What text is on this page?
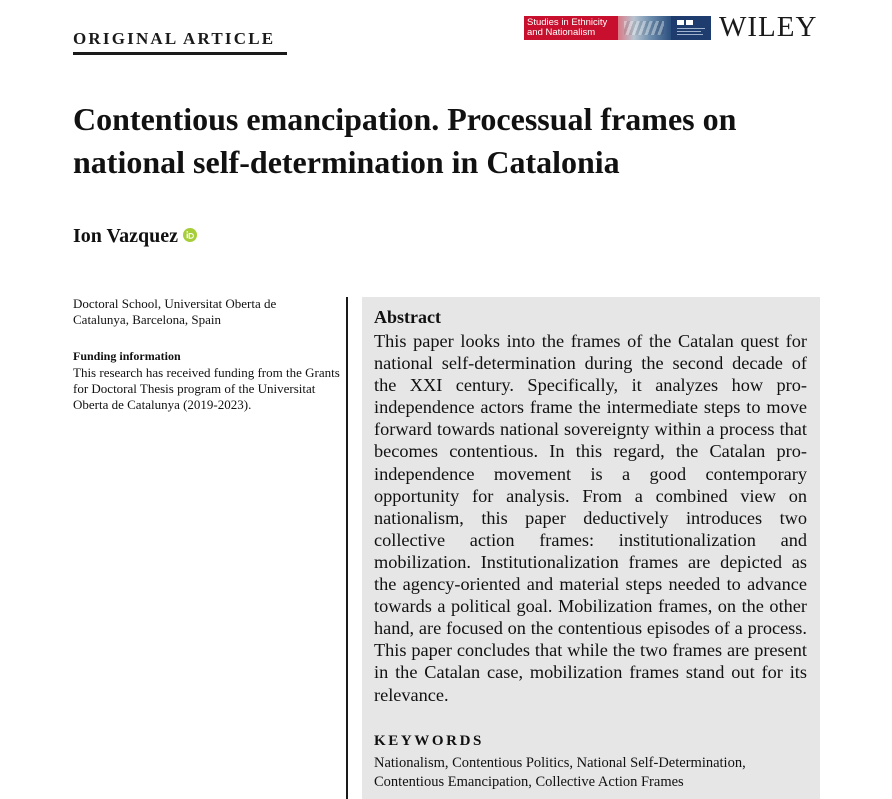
ORIGINAL ARTICLE
Studies in Ethnicity and Nationalism	WILEY
Contentious emancipation. Processual frames on national self-determination in Catalonia
Ion Vazquez
Doctoral School, Universitat Oberta de Catalunya, Barcelona, Spain
Funding information
This research has received funding from the Grants for Doctoral Thesis program of the Universitat Oberta de Catalunya (2019-2023).
Abstract
This paper looks into the frames of the Catalan quest for national self-determination during the second decade of the XXI century. Specifically, it analyzes how pro-independence actors frame the intermediate steps to move forward towards national sovereignty within a process that becomes contentious. In this regard, the Catalan pro-independence movement is a good contemporary opportunity for analysis. From a combined view on nationalism, this paper deductively introduces two collective action frames: institutionalization and mobilization. Institutionalization frames are depicted as the agency-oriented and material steps needed to advance towards a political goal. Mobilization frames, on the other hand, are focused on the contentious episodes of a process. This paper concludes that while the two frames are present in the Catalan case, mobilization frames stand out for its relevance.
KEYWORDS
Nationalism, Contentious Politics, National Self-Determination, Contentious Emancipation, Collective Action Frames
